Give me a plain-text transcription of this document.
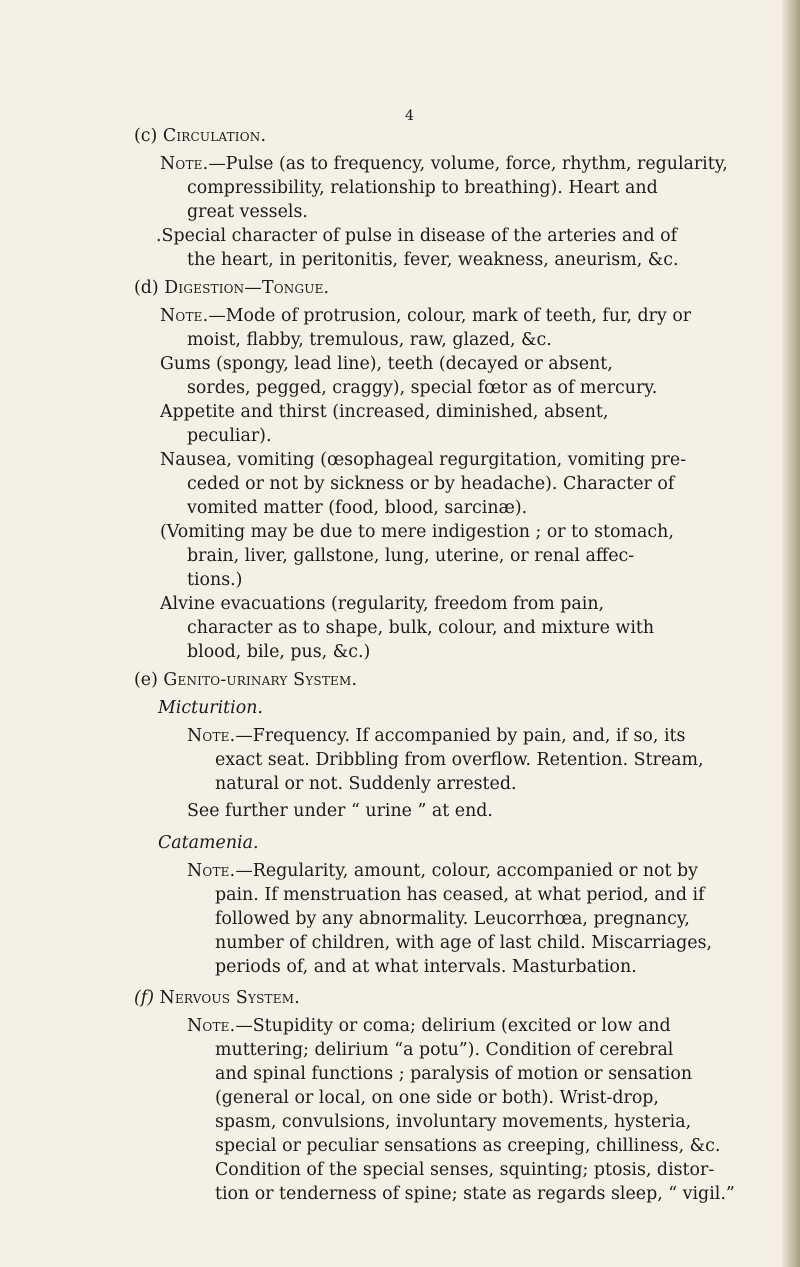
4
(c) Circulation.
Note.—Pulse (as to frequency, volume, force, rhythm, regularity,
compressibility, relationship to breathing). Heart and
great vessels.
.Special character of pulse in disease of the arteries and of
the heart, in peritonitis, fever, weakness, aneurism, &c.
(d) Digestion—Tongue.
Note.—Mode of protrusion, colour, mark of teeth, fur, dry or
moist, flabby, tremulous, raw, glazed, &c.
Gums (spongy, lead line), teeth (decayed or absent,
sordes, pegged, craggy), special fœtor as of mercury.
Appetite and thirst (increased, diminished, absent,
peculiar).
Nausea, vomiting (œsophageal regurgitation, vomiting pre-
ceded or not by sickness or by headache). Character of
vomited matter (food, blood, sarcinæ).
(Vomiting may be due to mere indigestion ; or to stomach,
brain, liver, gallstone, lung, uterine, or renal affec-
tions.)
Alvine evacuations (regularity, freedom from pain,
character as to shape, bulk, colour, and mixture with
blood, bile, pus, &c.)
(e) Genito-urinary System.
Micturition.
Note.—Frequency. If accompanied by pain, and, if so, its
exact seat. Dribbling from overflow. Retention. Stream,
natural or not. Suddenly arrested.
See further under “ urine ” at end.
Catamenia.
Note.—Regularity, amount, colour, accompanied or not by
pain. If menstruation has ceased, at what period, and if
followed by any abnormality. Leucorrhœa, pregnancy,
number of children, with age of last child. Miscarriages,
periods of, and at what intervals. Masturbation.
(f) Nervous System.
Note.—Stupidity or coma; delirium (excited or low and
muttering; delirium “a potu”). Condition of cerebral
and spinal functions ; paralysis of motion or sensation
(general or local, on one side or both). Wrist-drop,
spasm, convulsions, involuntary movements, hysteria,
special or peculiar sensations as creeping, chilliness, &c.
Condition of the special senses, squinting; ptosis, distor-
tion or tenderness of spine; state as regards sleep, “ vigil.”
